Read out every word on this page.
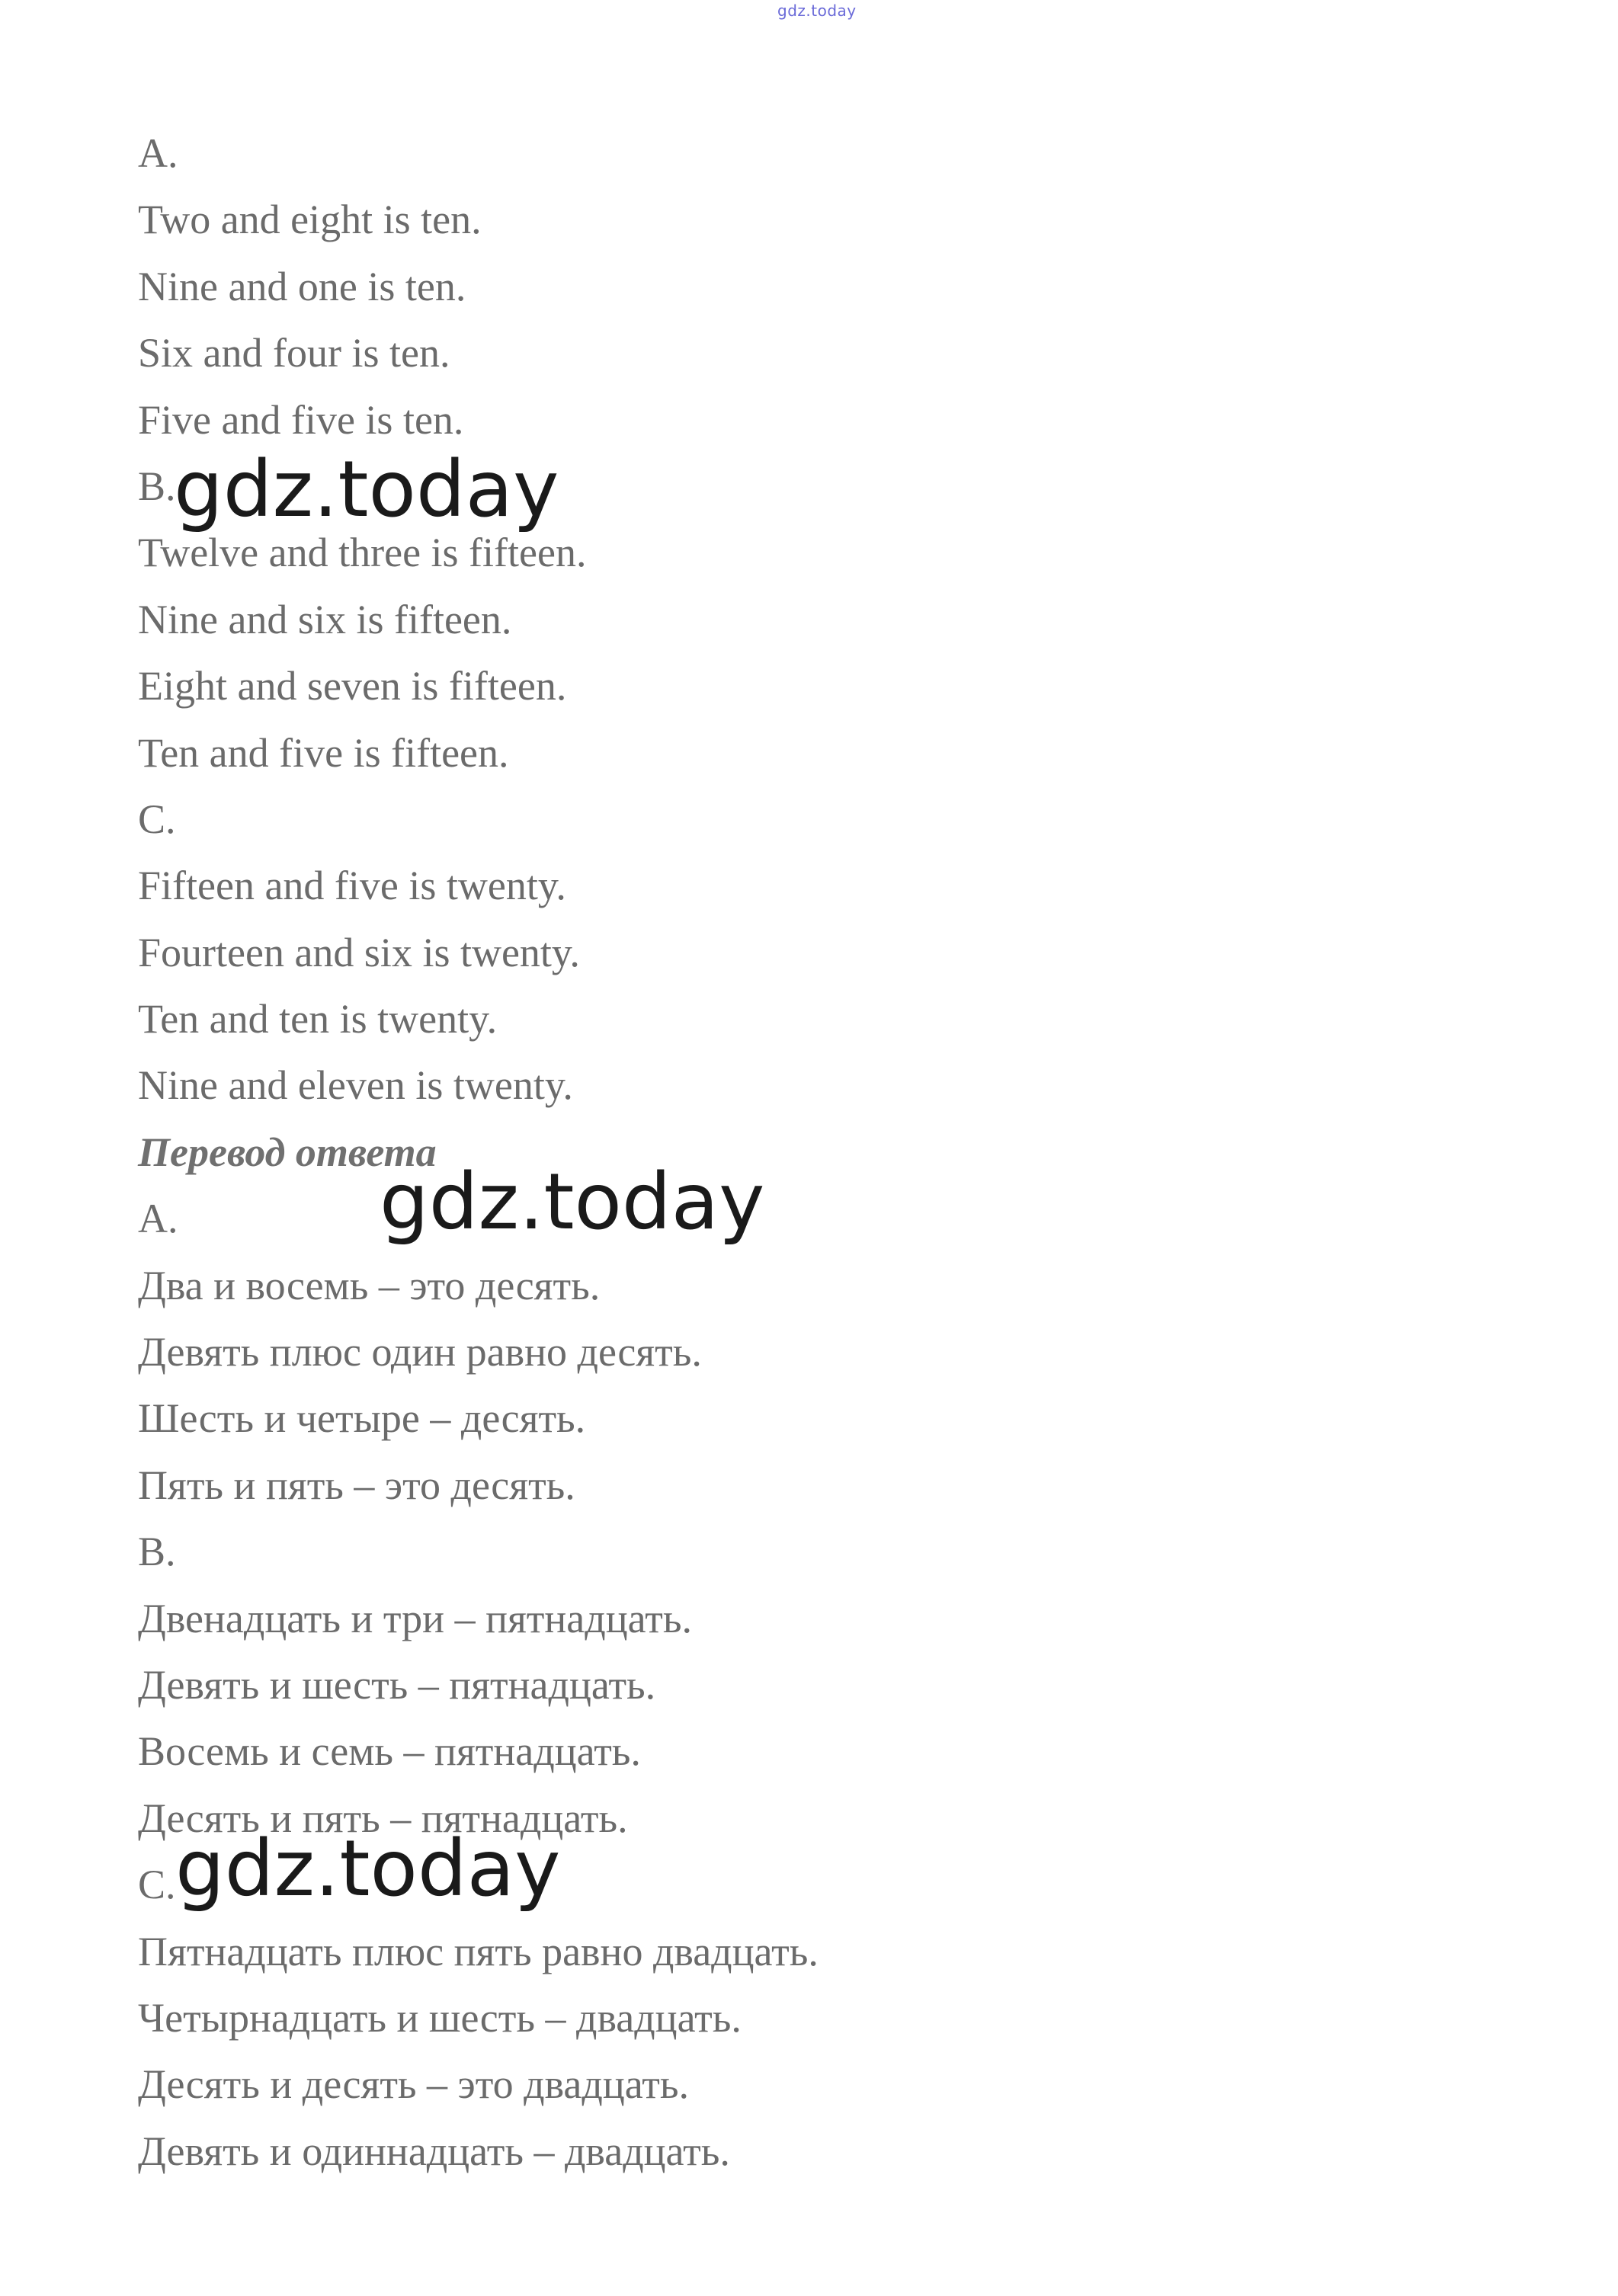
gdz.today
A.
Two and eight is ten.
Nine and one is ten.
Six and four is ten.
Five and five is ten.
B.
Twelve and three is fifteen.
Nine and six is fifteen.
Eight and seven is fifteen.
Ten and five is fifteen.
C.
Fifteen and five is twenty.
Fourteen and six is twenty.
Ten and ten is twenty.
Nine and eleven is twenty.
Перевод ответа
A.
Два и восемь – это десять.
Девять плюс один равно десять.
Шесть и четыре – десять.
Пять и пять – это десять.
B.
Двенадцать и три – пятнадцать.
Девять и шесть – пятнадцать.
Восемь и семь – пятнадцать.
Десять и пять – пятнадцать.
C.
Пятнадцать плюс пять равно двадцать.
Четырнадцать и шесть – двадцать.
Десять и десять – это двадцать.
Девять и одиннадцать – двадцать.
gdz.today
gdz.today
gdz.today
